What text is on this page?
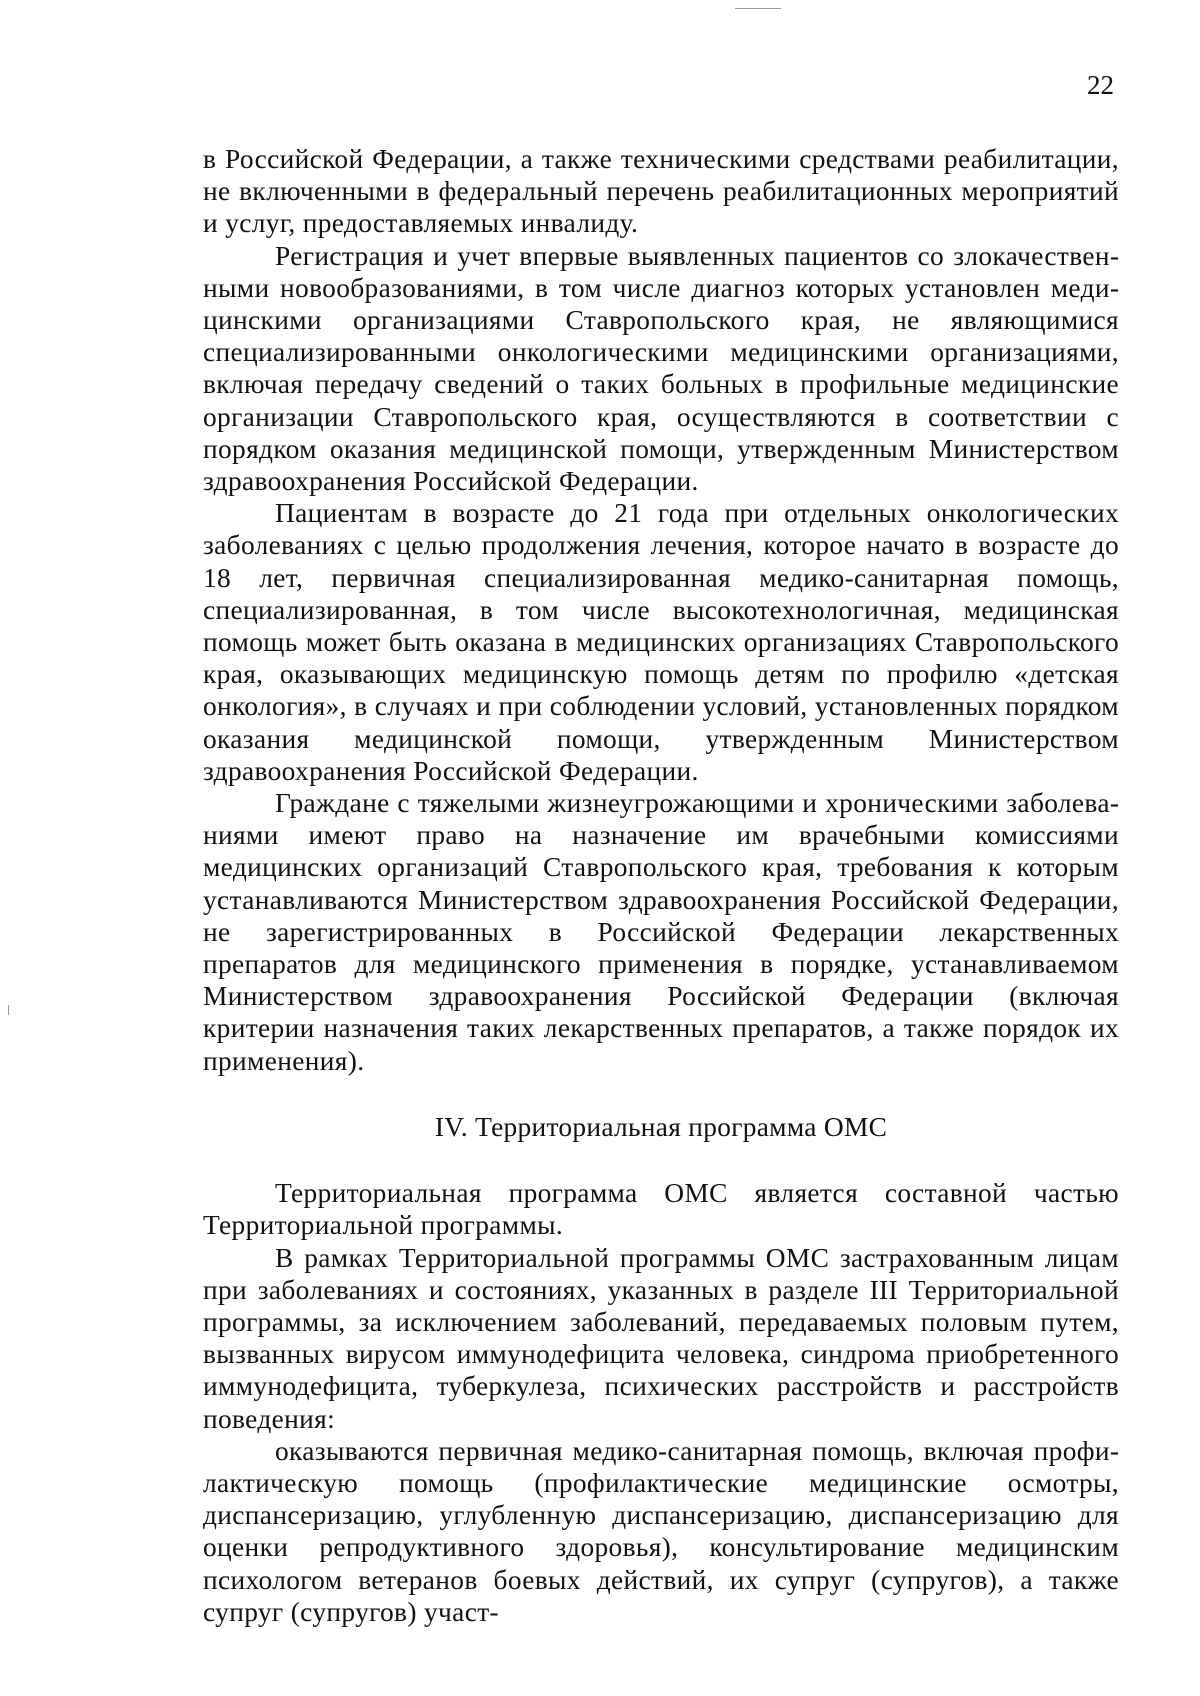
22

в Российской Федерации, а также техническими средствами реабилитации, не включенными в федеральный перечень реабилитационных мероприятий и услуг, предоставляемых инвалиду.

Регистрация и учет впервые выявленных пациентов со злокачественными новообразованиями, в том числе диагноз которых установлен медицинскими организациями Ставропольского края, не являющимися специализированными онкологическими медицинскими организациями, включая передачу сведений о таких больных в профильные медицинские организации Ставропольского края, осуществляются в соответствии с порядком оказания медицинской помощи, утвержденным Министерством здравоохранения Российской Федерации.

Пациентам в возрасте до 21 года при отдельных онкологических заболеваниях с целью продолжения лечения, которое начато в возрасте до 18 лет, первичная специализированная медико-санитарная помощь, специализированная, в том числе высокотехнологичная, медицинская помощь может быть оказана в медицинских организациях Ставропольского края, оказывающих медицинскую помощь детям по профилю «детская онкология», в случаях и при соблюдении условий, установленных порядком оказания медицинской помощи, утвержденным Министерством здравоохранения Российской Федерации.

Граждане с тяжелыми жизнеугрожающими и хроническими заболеваниями имеют право на назначение им врачебными комиссиями медицинских организаций Ставропольского края, требования к которым устанавливаются Министерством здравоохранения Российской Федерации, не зарегистрированных в Российской Федерации лекарственных препаратов для медицинского применения в порядке, устанавливаемом Министерством здравоохранения Российской Федерации (включая критерии назначения таких лекарственных препаратов, а также порядок их применения).

IV. Территориальная программа ОМС

Территориальная программа ОМС является составной частью Территориальной программы.

В рамках Территориальной программы ОМС застрахованным лицам при заболеваниях и состояниях, указанных в разделе III Территориальной программы, за исключением заболеваний, передаваемых половым путем, вызванных вирусом иммунодефицита человека, синдрома приобретенного иммунодефицита, туберкулеза, психических расстройств и расстройств поведения:

оказываются первичная медико-санитарная помощь, включая профилактическую помощь (профилактические медицинские осмотры, диспансеризацию, углубленную диспансеризацию, диспансеризацию для оценки репродуктивного здоровья), консультирование медицинским психологом ветеранов боевых действий, их супруг (супругов), а также супруг (супругов) участ-
